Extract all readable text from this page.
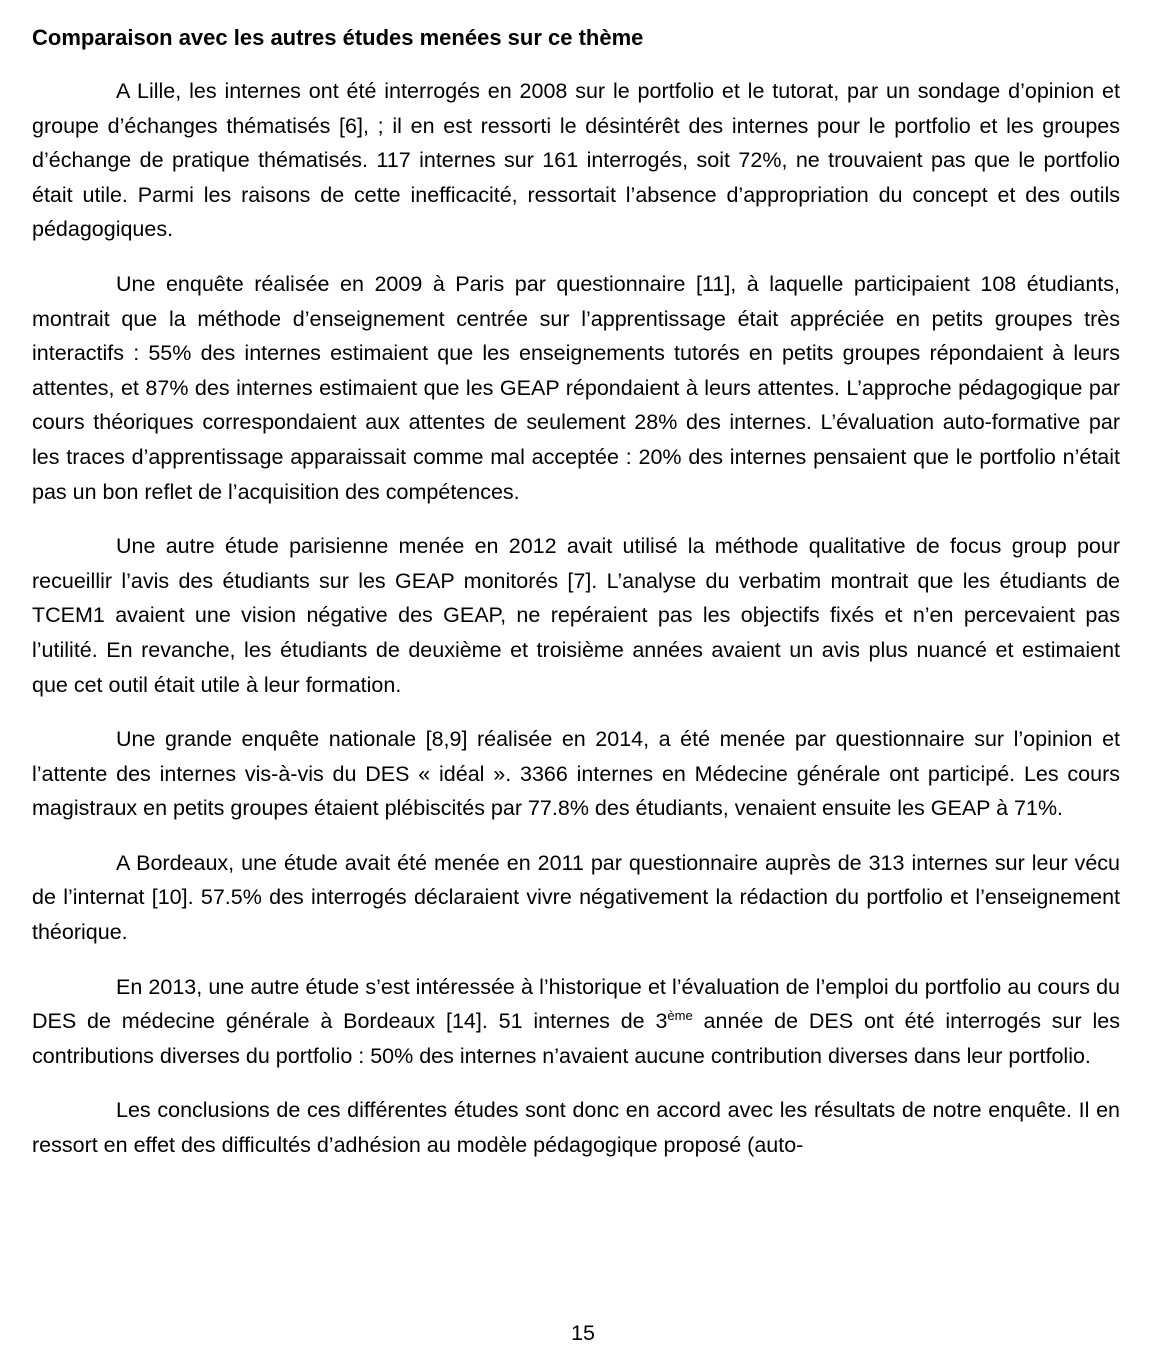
Comparaison avec les autres études menées sur ce thème

A Lille, les internes ont été interrogés en 2008 sur le portfolio et le tutorat, par un sondage d’opinion et groupe d’échanges thématisés [6], ; il en est ressorti le désintérêt des internes pour le portfolio et les groupes d’échange de pratique thématisés. 117 internes sur 161 interrogés, soit 72%, ne trouvaient pas que le portfolio était utile. Parmi les raisons de cette inefficacité, ressortait l’absence d’appropriation du concept et des outils pédagogiques.

Une enquête réalisée en 2009 à Paris par questionnaire [11], à laquelle participaient 108 étudiants, montrait que la méthode d’enseignement centrée sur l’apprentissage était appréciée en petits groupes très interactifs : 55% des internes estimaient que les enseignements tutorés en petits groupes répondaient à leurs attentes, et 87% des internes estimaient que les GEAP répondaient à leurs attentes. L’approche pédagogique par cours théoriques correspondaient aux attentes de seulement 28% des internes. L’évaluation auto-formative par les traces d’apprentissage apparaissait comme mal acceptée : 20% des internes pensaient que le portfolio n’était pas un bon reflet de l’acquisition des compétences.

Une autre étude parisienne menée en 2012 avait utilisé la méthode qualitative de focus group pour recueillir l’avis des étudiants sur les GEAP monitorés [7]. L’analyse du verbatim montrait que les étudiants de TCEM1 avaient une vision négative des GEAP, ne repéraient pas les objectifs fixés et n’en percevaient pas l’utilité. En revanche, les étudiants de deuxième et troisième années avaient un avis plus nuancé et estimaient que cet outil était utile à leur formation.

Une grande enquête nationale [8,9] réalisée en 2014, a été menée par questionnaire sur l’opinion et l’attente des internes vis-à-vis du DES « idéal ». 3366 internes en Médecine générale ont participé. Les cours magistraux en petits groupes étaient plébiscités par 77.8% des étudiants, venaient ensuite les GEAP à 71%.

A Bordeaux, une étude avait été menée en 2011 par questionnaire auprès de 313 internes sur leur vécu de l’internat [10]. 57.5% des interrogés déclaraient vivre négativement la rédaction du portfolio et l’enseignement théorique.

En 2013, une autre étude s’est intéressée à l’historique et l’évaluation de l’emploi du portfolio au cours du DES de médecine générale à Bordeaux [14]. 51 internes de 3ème année de DES ont été interrogés sur les contributions diverses du portfolio : 50% des internes n’avaient aucune contribution diverses dans leur portfolio.

Les conclusions de ces différentes études sont donc en accord avec les résultats de notre enquête. Il en ressort en effet des difficultés d’adhésion au modèle pédagogique proposé (auto-

15
